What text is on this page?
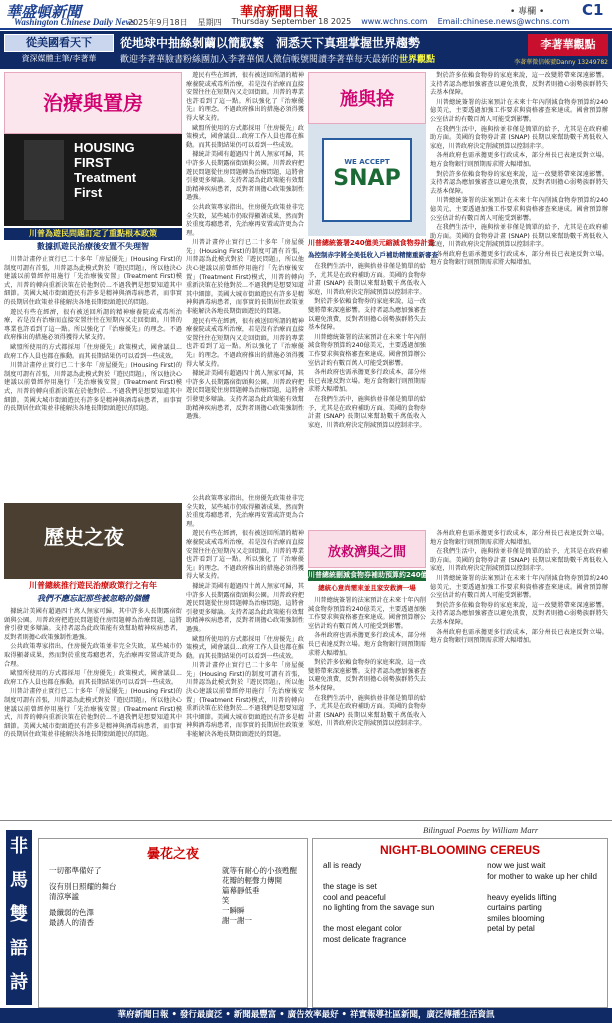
華盛頓新聞
Washington Chinese Daily News
華府新聞日報	• 專欄 •	C1
2025年9月18日 星期四 Thursday September 18 2025 www.wchns.com Email:chinese.news@wchns.com
從美國看天下
資深媒體主筆/李著華
從地球中抽絲剝繭以簡馭繁　洞悉天下真理掌握世界趨勢
歡迎李著華臉書粉絲團加入李著華個人微信帳號閱讀李著華每天最新的世界觀點
李著華觀點
李著華微信帳號Danny 13249782
治療與置房
HOUSING
FIRST
Treatment
First
川普為遊民問題訂定了重點根本政策
數據抓遊民治療後安置不失理智

川普計畫停止實行已二十多年「房屋優先」(Housing First)的制度可謂有首張，川普認為此模式對於『遊民問題』，所以他決心建議以前曾經停用施行「先治療後安置」(Treatment First)模式，川普的轉向重新決策在於他對於...不過我們是想要知道其中細節。美國大城市街頭遊民有許多是精神與酒毒病患者，而事實的長期居住政策並非能解決各地長期街頭遊民的問題。

遊民有些在經濟，很有被送回所謂的精神療養院或戒毒所治療，若是沒有治療而直接安置往往在短期內又走回街頭。川普的專業也許看到了這一點。所以強化了『治療優先』的理念。不過政府推出的措施必須得獲得大眾支持。

歐盟所使用的方式都採用「住房優先」政策模式，國會議員...政府工作人員也都在推動。而其長期結果仍可以看到一些成效。

川普計畫停止實行已二十多年「房屋優先」(Housing First)的制度可謂有首張，川普認為此模式對於『遊民問題』，所以他決心建議以前曾經停用施行「先治療後安置」(Treatment First)模式，川普的轉向重新決策在於他對於...不過我們是想要知道其中細節。美國大城市街頭遊民有許多是精神與酒毒病患者，而事實的長期居住政策並非能解決各地長期街頭遊民的問題。

遊民有些在經濟，很有被送回所謂的精神療養院或戒毒所治療，若是沒有治療而直接安置往往在短期內又走回街頭。川普的專業也許看到了這一點。所以強化了『治療優先』的理念。不過政府推出的措施必須得獲得大眾支持。

歐盟所使用的方式都採用「住房優先」政策模式，國會議員...政府工作人員也都在推動。而其長期結果仍可以看到一些成效。

據統計美國有超過四十萬人無家可歸，其中許多人長期露宿街頭與公園。川普政府把遊民問題從住房問題轉為治療問題，這將會引發更多辯論。支持者認為此政策能有效幫助精神疾病患者，反對者則擔心政策強制性過強。

公共政策專家指出，住房優先政策並非完全失敗，某些城市仍取得顯著成果，然而對於重度毒癮患者，先治療再安置或許更為合理。

川普計畫停止實行已二十多年「房屋優先」(Housing First)的制度可謂有首張，川普認為此模式對於『遊民問題』，所以他決心建議以前曾經停用施行「先治療後安置」(Treatment First)模式，川普的轉向重新決策在於他對於...不過我們是想要知道其中細節。美國大城市街頭遊民有許多是精神與酒毒病患者，而事實的長期居住政策並非能解決各地長期街頭遊民的問題。

遊民有些在經濟，很有被送回所謂的精神療養院或戒毒所治療，若是沒有治療而直接安置往往在短期內又走回街頭。川普的專業也許看到了這一點。所以強化了『治療優先』的理念。不過政府推出的措施必須得獲得大眾支持。

據統計美國有超過四十萬人無家可歸，其中許多人長期露宿街頭與公園。川普政府把遊民問題從住房問題轉為治療問題，這將會引發更多辯論。支持者認為此政策能有效幫助精神疾病患者，反對者則擔心政策強制性過強。

歷史之夜
川普總統推行遊民治療政策行之有年
我們不應忘記那些被忽略的個體

據統計美國有超過四十萬人無家可歸，其中許多人長期露宿街頭與公園。川普政府把遊民問題從住房問題轉為治療問題，這將會引發更多辯論。支持者認為此政策能有效幫助精神疾病患者，反對者則擔心政策強制性過強。

公共政策專家指出，住房優先政策並非完全失敗，某些城市仍取得顯著成果，然而對於重度毒癮患者，先治療再安置或許更為合理。

歐盟所使用的方式都採用「住房優先」政策模式，國會議員...政府工作人員也都在推動。而其長期結果仍可以看到一些成效。

川普計畫停止實行已二十多年「房屋優先」(Housing First)的制度可謂有首張，川普認為此模式對於『遊民問題』，所以他決心建議以前曾經停用施行「先治療後安置」(Treatment First)模式，川普的轉向重新決策在於他對於...不過我們是想要知道其中細節。美國大城市街頭遊民有許多是精神與酒毒病患者，而事實的長期居住政策並非能解決各地長期街頭遊民的問題。

公共政策專家指出，住房優先政策並非完全失敗，某些城市仍取得顯著成果，然而對於重度毒癮患者，先治療再安置或許更為合理。

遊民有些在經濟，很有被送回所謂的精神療養院或戒毒所治療，若是沒有治療而直接安置往往在短期內又走回街頭。川普的專業也許看到了這一點。所以強化了『治療優先』的理念。不過政府推出的措施必須得獲得大眾支持。

據統計美國有超過四十萬人無家可歸，其中許多人長期露宿街頭與公園。川普政府把遊民問題從住房問題轉為治療問題，這將會引發更多辯論。支持者認為此政策能有效幫助精神疾病患者，反對者則擔心政策強制性過強。

歐盟所使用的方式都採用「住房優先」政策模式，國會議員...政府工作人員也都在推動。而其長期結果仍可以看到一些成效。

川普計畫停止實行已二十多年「房屋優先」(Housing First)的制度可謂有首張，川普認為此模式對於『遊民問題』，所以他決心建議以前曾經停用施行「先治療後安置」(Treatment First)模式，川普的轉向重新決策在於他對於...不過我們是想要知道其中細節。美國大城市街頭遊民有許多是精神與酒毒病患者，而事實的長期居住政策並非能解決各地長期街頭遊民的問題。

施與捨
WE ACCEPT
SNAP
川普總統簽署240億美元縮減食物券計畫
為控制赤字將全美低收入戶補助精簡重新審查

在我們生活中，施與捨並非僅是簡單的給予，尤其是在政府補助方面。美國的食物券計畫 (SNAP) 長期以來幫助數千萬低收入家庭，川普政府決定削減預算以控制赤字。

對於許多依賴食物券的家庭來說，這一改變將帶來深遠影響。支持者認為應加強審查以避免浪費，反對者則擔心弱勢族群將失去基本保障。

川普總統簽署的法案預計在未來十年內削減食物券預算約240億美元，主要透過加強工作要求與資格審查來達成。國會預算辦公室估計約有數百萬人可能受到影響。

各州政府也需承擔更多行政成本，部分州長已表達反對立場。地方食物銀行則預期需求將大幅增加。

在我們生活中，施與捨並非僅是簡單的給予，尤其是在政府補助方面。美國的食物券計畫 (SNAP) 長期以來幫助數千萬低收入家庭，川普政府決定削減預算以控制赤字。

對於許多依賴食物券的家庭來說，這一改變將帶來深遠影響。支持者認為應加強審查以避免浪費，反對者則擔心弱勢族群將失去基本保障。

川普總統簽署的法案預計在未來十年內削減食物券預算約240億美元，主要透過加強工作要求與資格審查來達成。國會預算辦公室估計約有數百萬人可能受到影響。

在我們生活中，施與捨並非僅是簡單的給予，尤其是在政府補助方面。美國的食物券計畫 (SNAP) 長期以來幫助數千萬低收入家庭，川普政府決定削減預算以控制赤字。

各州政府也需承擔更多行政成本，部分州長已表達反對立場。地方食物銀行則預期需求將大幅增加。

對於許多依賴食物券的家庭來說，這一改變將帶來深遠影響。支持者認為應加強審查以避免浪費，反對者則擔心弱勢族群將失去基本保障。

川普總統簽署的法案預計在未來十年內削減食物券預算約240億美元，主要透過加強工作要求與資格審查來達成。國會預算辦公室估計約有數百萬人可能受到影響。

在我們生活中，施與捨並非僅是簡單的給予，尤其是在政府補助方面。美國的食物券計畫 (SNAP) 長期以來幫助數千萬低收入家庭，川普政府決定削減預算以控制赤字。

各州政府也需承擔更多行政成本，部分州長已表達反對立場。地方食物銀行則預期需求將大幅增加。

放救濟與之間
川普總統刪減食物券補助預算約240億美元
總統心意尚需來並且家安救濟一場

川普總統簽署的法案預計在未來十年內削減食物券預算約240億美元，主要透過加強工作要求與資格審查來達成。國會預算辦公室估計約有數百萬人可能受到影響。

各州政府也需承擔更多行政成本，部分州長已表達反對立場。地方食物銀行則預期需求將大幅增加。

對於許多依賴食物券的家庭來說，這一改變將帶來深遠影響。支持者認為應加強審查以避免浪費，反對者則擔心弱勢族群將失去基本保障。

在我們生活中，施與捨並非僅是簡單的給予，尤其是在政府補助方面。美國的食物券計畫 (SNAP) 長期以來幫助數千萬低收入家庭，川普政府決定削減預算以控制赤字。

各州政府也需承擔更多行政成本，部分州長已表達反對立場。地方食物銀行則預期需求將大幅增加。

在我們生活中，施與捨並非僅是簡單的給予，尤其是在政府補助方面。美國的食物券計畫 (SNAP) 長期以來幫助數千萬低收入家庭，川普政府決定削減預算以控制赤字。

川普總統簽署的法案預計在未來十年內削減食物券預算約240億美元，主要透過加強工作要求與資格審查來達成。國會預算辦公室估計約有數百萬人可能受到影響。

對於許多依賴食物券的家庭來說，這一改變將帶來深遠影響。支持者認為應加強審查以避免浪費，反對者則擔心弱勢族群將失去基本保障。

各州政府也需承擔更多行政成本，部分州長已表達反對立場。地方食物銀行則預期需求將大幅增加。

Bilingual Poems by William Marr
非
馬
雙
語
詩
曇花之夜
一切都準備好了
沒有別日照耀的舞台
清涼寧謐
最纖弱的色澤
最誘人的清香
就等有耐心的小孩甦醒
花瓣的輕聲力傳開
篇幕靜低垂
笑
一瞬瞬
謝一謝一
NIGHT-BLOOMING CEREUS
all is ready
the stage is set
cool and peaceful
no lighting from the savage sun
the most elegant color
most delicate fragrance
now we just wait
for mother to wake up her child
heavy eyelids lifting
curtains parting
smiles blooming
petal by petal
華府新聞日報 • 發行最廣泛 • 新聞最豐富 • 廣告效率最好 • 祥實報導社區新聞，廣泛傳播生活資訊
